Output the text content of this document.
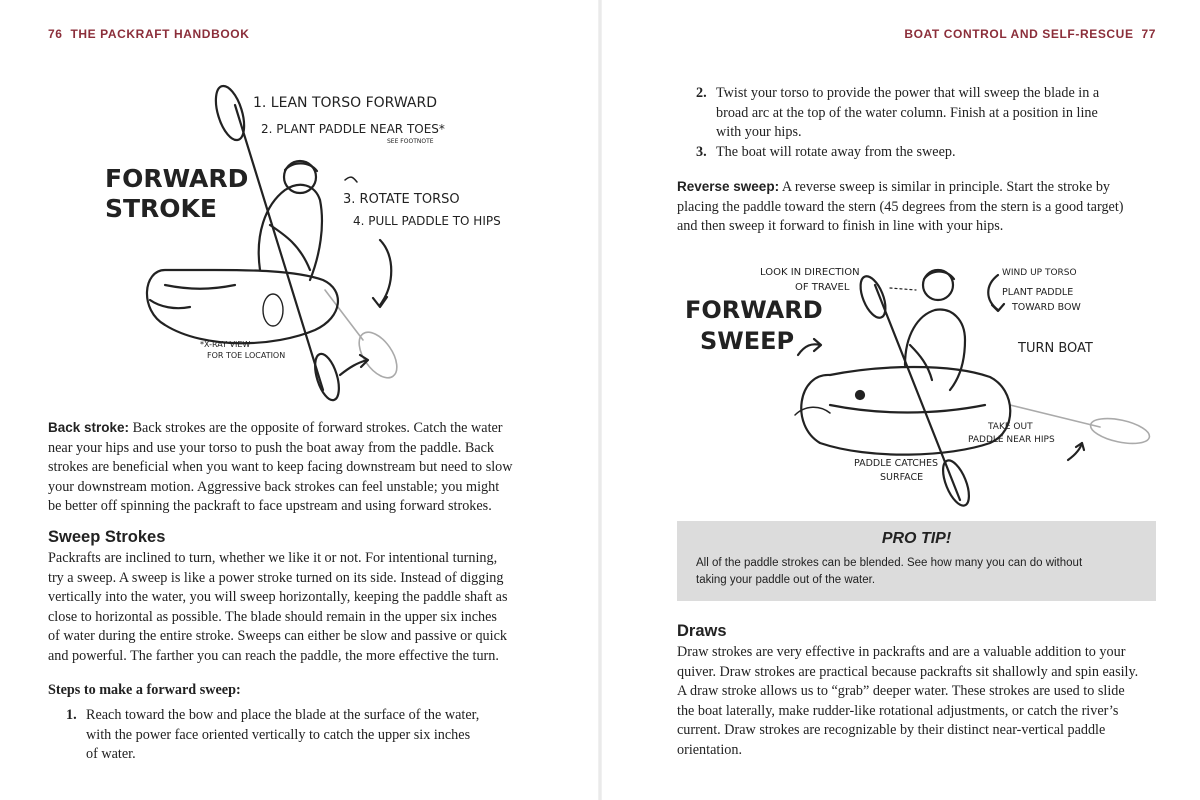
76 THE PACKRAFT HANDBOOK
FORWARD
STROKE
1. LEAN TORSO FORWARD
2. PLANT PADDLE NEAR TOES*
SEE FOOTNOTE
3. ROTATE TORSO
4. PULL PADDLE TO HIPS
*X-RAY VIEW
FOR TOE LOCATION

Back stroke: Back strokes are the opposite of forward strokes. Catch the water
near your hips and use your torso to push the boat away from the paddle. Back
strokes are beneficial when you want to keep facing downstream but need to slow
your downstream motion. Aggressive back strokes can feel unstable; you might
be better off spinning the packraft to face upstream and using forward strokes.

Sweep Strokes

Packrafts are inclined to turn, whether we like it or not. For intentional turning,
try a sweep. A sweep is like a power stroke turned on its side. Instead of digging
vertically into the water, you will sweep horizontally, keeping the paddle shaft as
close to horizontal as possible. The blade should remain in the upper six inches
of water during the entire stroke. Sweeps can either be slow and passive or quick
and powerful. The farther you can reach the paddle, the more effective the turn.

Steps to make a forward sweep:

1. Reach toward the bow and place the blade at the surface of the water,
with the power face oriented vertically to catch the upper six inches
of water.
BOAT CONTROL AND SELF-RESCUE 77
2. Twist your torso to provide the power that will sweep the blade in a
broad arc at the top of the water column. Finish at a position in line
with your hips.
3. The boat will rotate away from the sweep.

Reverse sweep: A reverse sweep is similar in principle. Start the stroke by
placing the paddle toward the stern (45 degrees from the stern is a good target)
and then sweep it forward to finish in line with your hips.

FORWARD
SWEEP
LOOK IN DIRECTION
OF TRAVEL
WIND UP TORSO
PLANT PADDLE
TOWARD BOW
TURN BOAT
TAKE OUT
PADDLE NEAR HIPS
PADDLE CATCHES
SURFACE
PRO TIP!
All of the paddle strokes can be blended. See how many you can do without
taking your paddle out of the water.
Draws

Draw strokes are very effective in packrafts and are a valuable addition to your
quiver. Draw strokes are practical because packrafts sit shallowly and spin easily.
A draw stroke allows us to “grab” deeper water. These strokes are used to slide
the boat laterally, make rudder-like rotational adjustments, or catch the river’s
current. Draw strokes are recognizable by their distinct near-vertical paddle
orientation.
